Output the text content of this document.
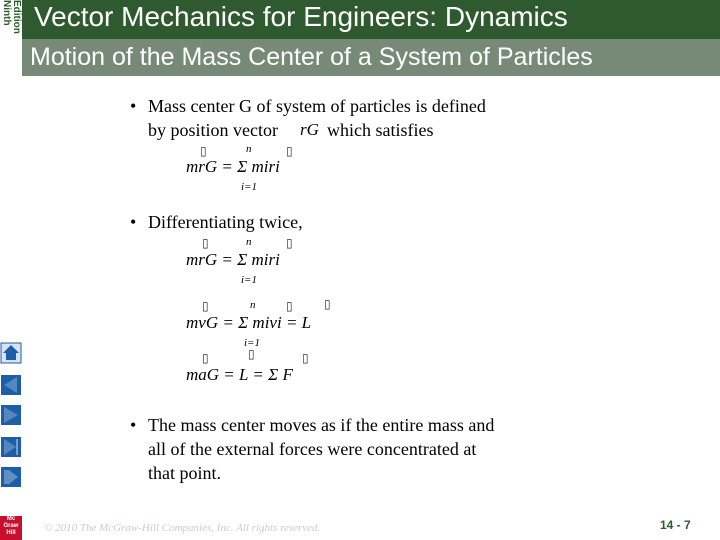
Ninth Edition Vector Mechanics for Engineers: Dynamics
Motion of the Mass Center of a System of Particles
• Mass center G of system of particles is defined
by position vector	which satisfies
rG
mrG = Σ miri
▯	▯
n
i=1
• Differentiating twice,
mrG = Σ miri
▯	▯
n
i=1
mvG = Σ mivi = L
▯	▯	▯
n
i=1
maG = L = Σ F
▯	▯	▯
• The mass center moves as if the entire mass and
all of the external forces were concentrated at
that point.
Mc Graw Hill	© 2010 The McGraw-Hill Companies, Inc. All rights reserved.	14 - 7
